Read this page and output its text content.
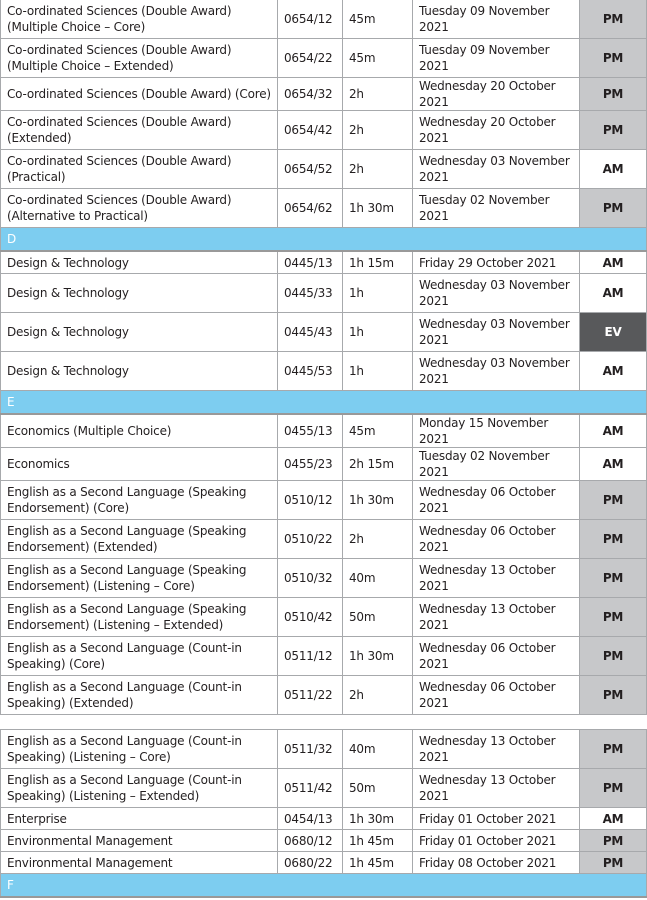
Co-ordinated Sciences (Double Award) (Multiple Choice – Core)	0654/12	45m	Tuesday 09 November 2021	PM
Co-ordinated Sciences (Double Award) (Multiple Choice – Extended)	0654/22	45m	Tuesday 09 November 2021	PM
Co-ordinated Sciences (Double Award) (Core)	0654/32	2h	Wednesday 20 October 2021	PM
Co-ordinated Sciences (Double Award) (Extended)	0654/42	2h	Wednesday 20 October 2021	PM
Co-ordinated Sciences (Double Award) (Practical)	0654/52	2h	Wednesday 03 November 2021	AM
Co-ordinated Sciences (Double Award) (Alternative to Practical)	0654/62	1h 30m	Tuesday 02 November 2021	PM
D				
Design & Technology	0445/13	1h 15m	Friday 29 October 2021	AM
Design & Technology	0445/33	1h	Wednesday 03 November 2021	AM
Design & Technology	0445/43	1h	Wednesday 03 November 2021	EV
Design & Technology	0445/53	1h	Wednesday 03 November 2021	AM
E				
Economics (Multiple Choice)	0455/13	45m	Monday 15 November 2021	AM
Economics	0455/23	2h 15m	Tuesday 02 November 2021	AM
English as a Second Language (Speaking Endorsement) (Core)	0510/12	1h 30m	Wednesday 06 October 2021	PM
English as a Second Language (Speaking Endorsement) (Extended)	0510/22	2h	Wednesday 06 October 2021	PM
English as a Second Language (Speaking Endorsement) (Listening – Core)	0510/32	40m	Wednesday 13 October 2021	PM
English as a Second Language (Speaking Endorsement) (Listening – Extended)	0510/42	50m	Wednesday 13 October 2021	PM
English as a Second Language (Count-in Speaking) (Core)	0511/12	1h 30m	Wednesday 06 October 2021	PM
English as a Second Language (Count-in Speaking) (Extended)	0511/22	2h	Wednesday 06 October 2021	PM
English as a Second Language (Count-in Speaking) (Listening – Core)	0511/32	40m	Wednesday 13 October 2021	PM
English as a Second Language (Count-in Speaking) (Listening – Extended)	0511/42	50m	Wednesday 13 October 2021	PM
Enterprise	0454/13	1h 30m	Friday 01 October 2021	AM
Environmental Management	0680/12	1h 45m	Friday 01 October 2021	PM
Environmental Management	0680/22	1h 45m	Friday 08 October 2021	PM
F				
